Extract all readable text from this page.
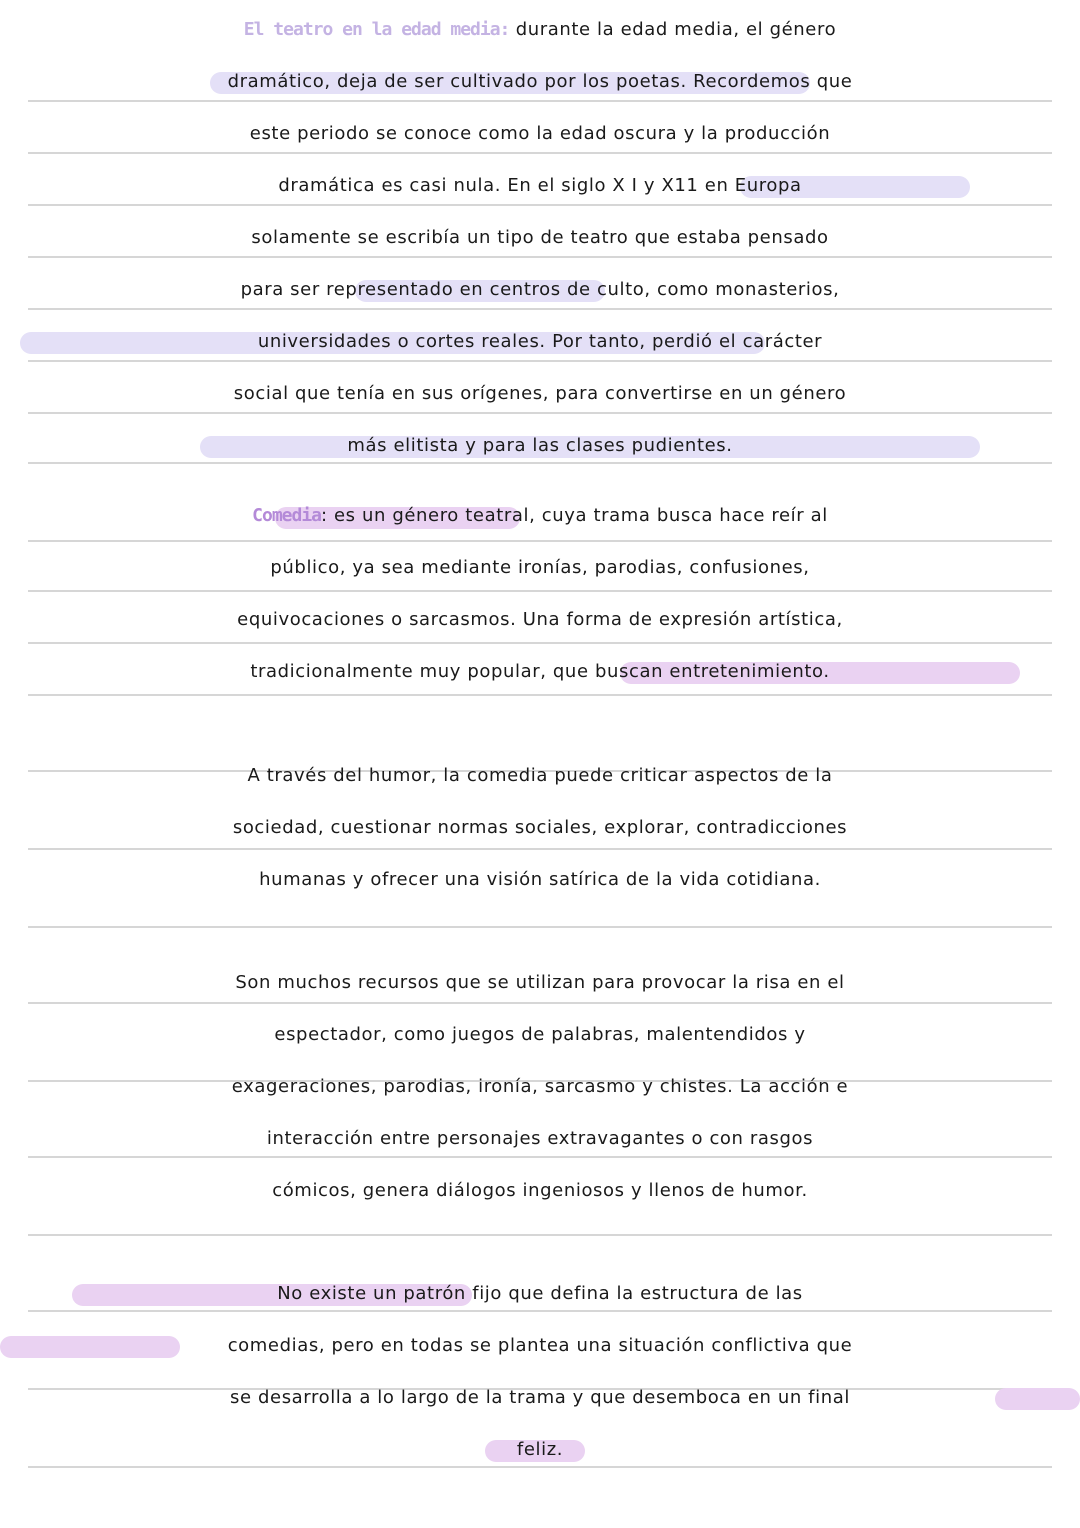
El teatro en la edad media: durante la edad media, el género
dramático, deja de ser cultivado por los poetas. Recordemos que
este periodo se conoce como la edad oscura y la producción
dramática es casi nula. En el siglo X I y X11 en Europa
solamente se escribía un tipo de teatro que estaba pensado
para ser representado en centros de culto, como monasterios,
universidades o cortes reales. Por tanto, perdió el carácter
social que tenía en sus orígenes, para convertirse en un género
más elitista y para las clases pudientes.
Comedia: es un género teatral, cuya trama busca hace reír al
público, ya sea mediante ironías, parodias, confusiones,
equivocaciones o sarcasmos. Una forma de expresión artística,
tradicionalmente muy popular, que buscan entretenimiento.
A través del humor, la comedia puede criticar aspectos de la
sociedad, cuestionar normas sociales, explorar, contradicciones
humanas y ofrecer una visión satírica de la vida cotidiana.
Son muchos recursos que se utilizan para provocar la risa en el
espectador, como juegos de palabras, malentendidos y
exageraciones, parodias, ironía, sarcasmo y chistes. La acción e
interacción entre personajes extravagantes o con rasgos
cómicos, genera diálogos ingeniosos y llenos de humor.
No existe un patrón fijo que defina la estructura de las
comedias, pero en todas se plantea una situación conflictiva que
se desarrolla a lo largo de la trama y que desemboca en un final
feliz.
